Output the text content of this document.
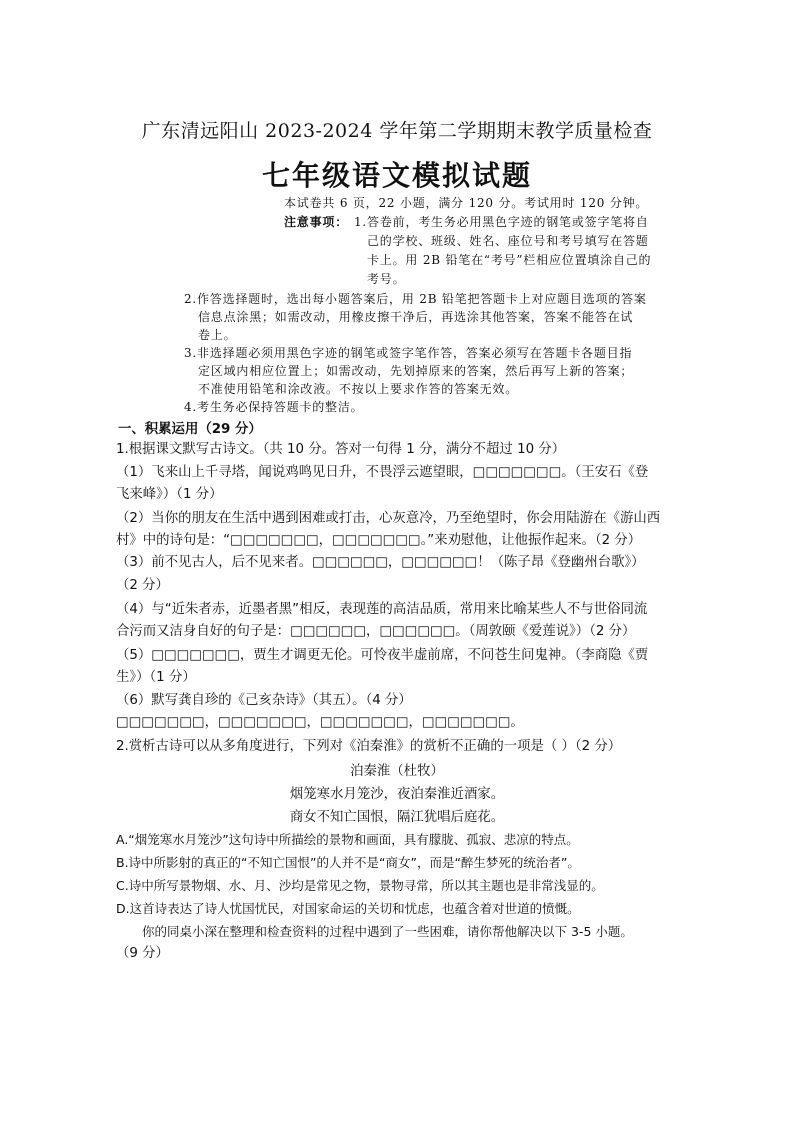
广东清远阳山 2023-2024 学年第二学期期末教学质量检查
七年级语文模拟试题
本试卷共 6 页，22 小题，满分 120 分。考试用时 120 分钟。
注意事项： 1.答卷前，考生务必用黑色字迹的钢笔或签字笔将自
己的学校、班级、姓名、座位号和考号填写在答题
卡上。用 2B 铅笔在“考号”栏相应位置填涂自己的
考号。
2.作答选择题时，选出每小题答案后，用 2B 铅笔把答题卡上对应题目选项的答案
信息点涂黑；如需改动，用橡皮擦干净后，再选涂其他答案，答案不能答在试
卷上。
3.非选择题必须用黑色字迹的钢笔或签字笔作答，答案必须写在答题卡各题目指
定区域内相应位置上；如需改动，先划掉原来的答案，然后再写上新的答案；
不准使用铅笔和涂改液。不按以上要求作答的答案无效。
4.考生务必保持答题卡的整洁。
一、积累运用（29 分）
1.根据课文默写古诗文。（共 10 分。答对一句得 1 分，满分不超过 10 分）
（1）飞来山上千寻塔，闻说鸡鸣见日升，不畏浮云遮望眼，□□□□□□□。（王安石《登
飞来峰》）（1 分）
（2）当你的朋友在生活中遇到困难或打击，心灰意冷，乃至绝望时，你会用陆游在《游山西
村》中的诗句是：“□□□□□□□，□□□□□□□。”来劝慰他，让他振作起来。（2 分）
（3）前不见古人，后不见来者。□□□□□□，□□□□□□！（陈子昂《登幽州台歌》）
（2 分）
（4）与“近朱者赤，近墨者黑”相反，表现莲的高洁品质，常用来比喻某些人不与世俗同流
合污而又洁身自好的句子是：□□□□□□，□□□□□□。（周敦颐《爱莲说》）（2 分）
（5）□□□□□□□，贾生才调更无伦。可怜夜半虚前席，不问苍生问鬼神。（李商隐《贾
生》）（1 分）
（6）默写龚自珍的《己亥杂诗》（其五）。（4 分）
□□□□□□□，□□□□□□□，□□□□□□□，□□□□□□□。
2.赏析古诗可以从多角度进行，下列对《泊秦淮》的赏析不正确的一项是（ ）（2 分）
泊秦淮（杜牧）
烟笼寒水月笼沙，夜泊秦淮近酒家。
商女不知亡国恨，隔江犹唱后庭花。
A.“烟笼寒水月笼沙”这句诗中所描绘的景物和画面，具有朦胧、孤寂、悲凉的特点。
B.诗中所影射的真正的“不知亡国恨”的人并不是“商女”，而是“醉生梦死的统治者”。
C.诗中所写景物烟、水、月、沙均是常见之物，景物寻常，所以其主题也是非常浅显的。
D.这首诗表达了诗人忧国忧民，对国家命运的关切和忧虑，也蕴含着对世道的愤慨。
你的同桌小深在整理和检查资料的过程中遇到了一些困难，请你帮他解决以下 3-5 小题。
（9 分）
